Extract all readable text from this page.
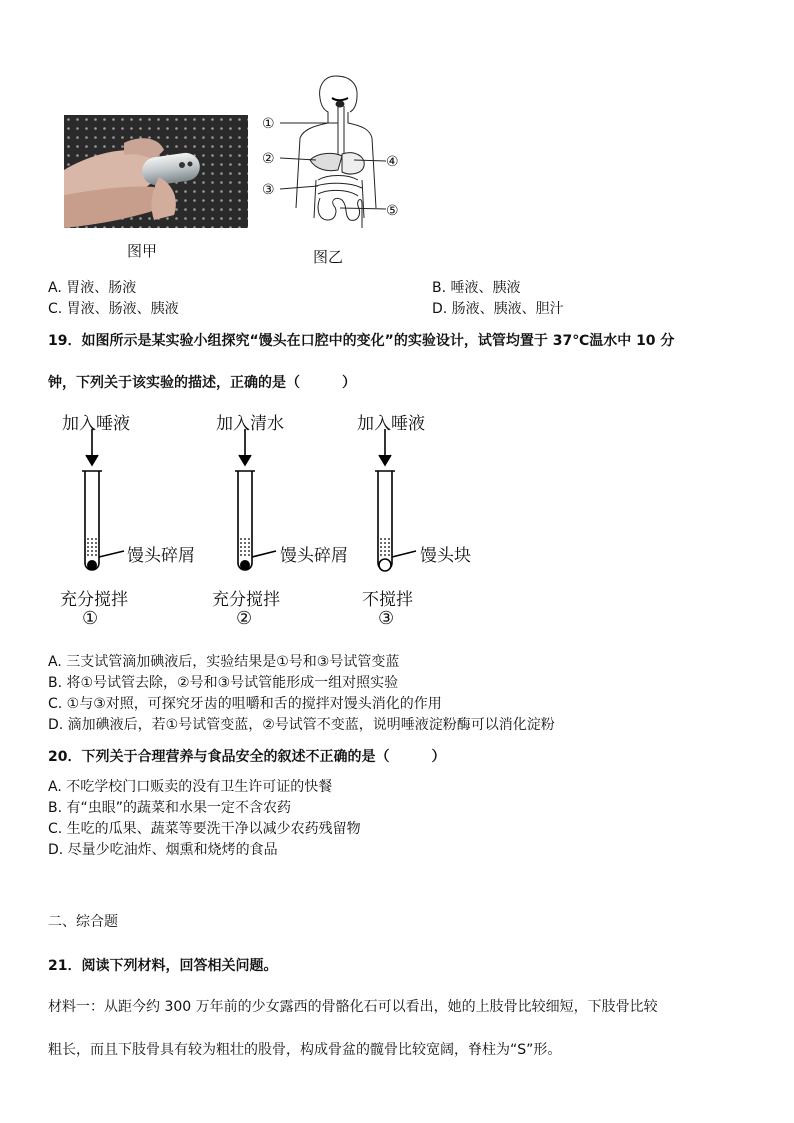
图甲
①
②
③
④
⑤
图乙
A. 胃液、肠液	B. 唾液、胰液
C. 胃液、肠液、胰液	D. 肠液、胰液、胆汁
19．如图所示是某实验小组探究“馒头在口腔中的变化”的实验设计，试管均置于 37℃温水中 10 分
钟，下列关于该实验的描述，正确的是（　　　）
加入唾液	加入清水	加入唾液
馒头碎屑	馒头碎屑	馒头块
充分搅拌	充分搅拌	不搅拌
①	②	③
A. 三支试管滴加碘液后，实验结果是①号和③号试管变蓝
B. 将①号试管去除，②号和③号试管能形成一组对照实验
C. ①与③对照，可探究牙齿的咀嚼和舌的搅拌对馒头消化的作用
D. 滴加碘液后，若①号试管变蓝，②号试管不变蓝，说明唾液淀粉酶可以消化淀粉
20．下列关于合理营养与食品安全的叙述不正确的是（　　　）
A. 不吃学校门口贩卖的没有卫生许可证的快餐
B. 有“虫眼”的蔬菜和水果一定不含农药
C. 生吃的瓜果、蔬菜等要洗干净以减少农药残留物
D. 尽量少吃油炸、烟熏和烧烤的食品
二、综合题
21．阅读下列材料，回答相关问题。
材料一：从距今约 300 万年前的少女露西的骨骼化石可以看出，她的上肢骨比较细短，下肢骨比较
粗长，而且下肢骨具有较为粗壮的股骨，构成骨盆的髋骨比较宽阔，脊柱为“S”形。
